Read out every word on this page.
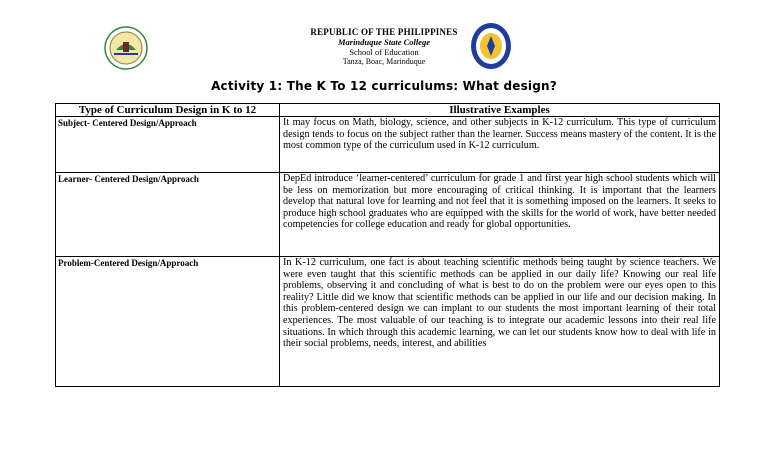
REPUBLIC OF THE PHILIPPINES
Marinduque State College
School of Education
Tanza, Boac, Marinduque
Activity 1: The K To 12 curriculums: What design?
Type of Curriculum Design in K to 12	Illustrative Examples
Subject- Centered Design/Approach	It may focus on Math, biology, science, and other subjects in K-12 curriculum. This type of curriculum design tends to focus on the subject rather than the learner. Success means mastery of the content. It is the most common type of the curriculum used in K-12 curriculum.
Learner- Centered Design/Approach	DepEd introduce ‘learner-centered’ curriculum for grade 1 and first year high school students which will be less on memorization but more encouraging of critical thinking. It is important that the learners develop that natural love for learning and not feel that it is something imposed on the learners. It seeks to produce high school graduates who are equipped with the skills for the world of work, have better needed competencies for college education and ready for global opportunities.
Problem-Centered Design/Approach	In K-12 curriculum, one fact is about teaching scientific methods being taught by science teachers. We were even taught that this scientific methods can be applied in our daily life? Knowing our real life problems, observing it and concluding of what is best to do on the problem were our eyes open to this reality? Little did we know that scientific methods can be applied in our life and our decision making. In this problem-centered design we can implant to our students the most important learning of their total experiences. The most valuable of our teaching is to integrate our academic lessons into their real life situations. In which through this academic learning, we can let our students know how to deal with life in their social problems, needs, interest, and abilities
